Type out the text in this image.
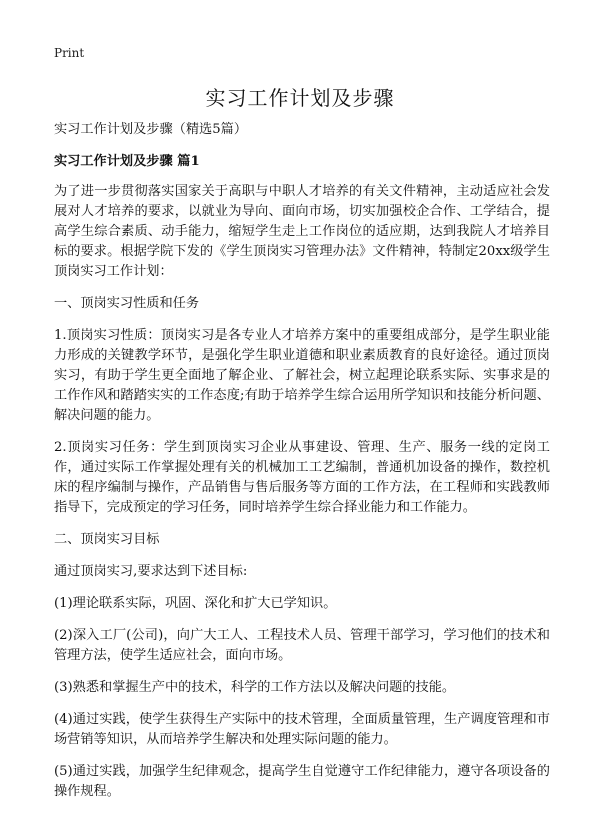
Print
实习工作计划及步骤

实习工作计划及步骤（精选5篇）

实习工作计划及步骤 篇1

为了进一步贯彻落实国家关于高职与中职人才培养的有关文件精神，主动适应社会发展对人才培养的要求，以就业为导向、面向市场，切实加强校企合作、工学结合，提高学生综合素质、动手能力，缩短学生走上工作岗位的适应期，达到我院人才培养目标的要求。根据学院下发的《学生顶岗实习管理办法》文件精神，特制定20xx级学生顶岗实习工作计划：

一、顶岗实习性质和任务

1.顶岗实习性质：顶岗实习是各专业人才培养方案中的重要组成部分，是学生职业能力形成的关键教学环节，是强化学生职业道德和职业素质教育的良好途径。通过顶岗实习，有助于学生更全面地了解企业、了解社会，树立起理论联系实际、实事求是的工作作风和踏踏实实的工作态度;有助于培养学生综合运用所学知识和技能分析问题、解决问题的能力。

2.顶岗实习任务：学生到顶岗实习企业从事建设、管理、生产、服务一线的定岗工作，通过实际工作掌握处理有关的机械加工工艺编制，普通机加设备的操作，数控机床的程序编制与操作，产品销售与售后服务等方面的工作方法，在工程师和实践教师指导下，完成预定的学习任务，同时培养学生综合择业能力和工作能力。

二、顶岗实习目标

通过顶岗实习,要求达到下述目标:

(1)理论联系实际，巩固、深化和扩大已学知识。

(2)深入工厂(公司)，向广大工人、工程技术人员、管理干部学习，学习他们的技术和管理方法，使学生适应社会，面向市场。

(3)熟悉和掌握生产中的技术，科学的工作方法以及解决问题的技能。

(4)通过实践，使学生获得生产实际中的技术管理，全面质量管理，生产调度管理和市场营销等知识，从而培养学生解决和处理实际问题的能力。

(5)通过实践，加强学生纪律观念，提高学生自觉遵守工作纪律能力，遵守各项设备的操作规程。
